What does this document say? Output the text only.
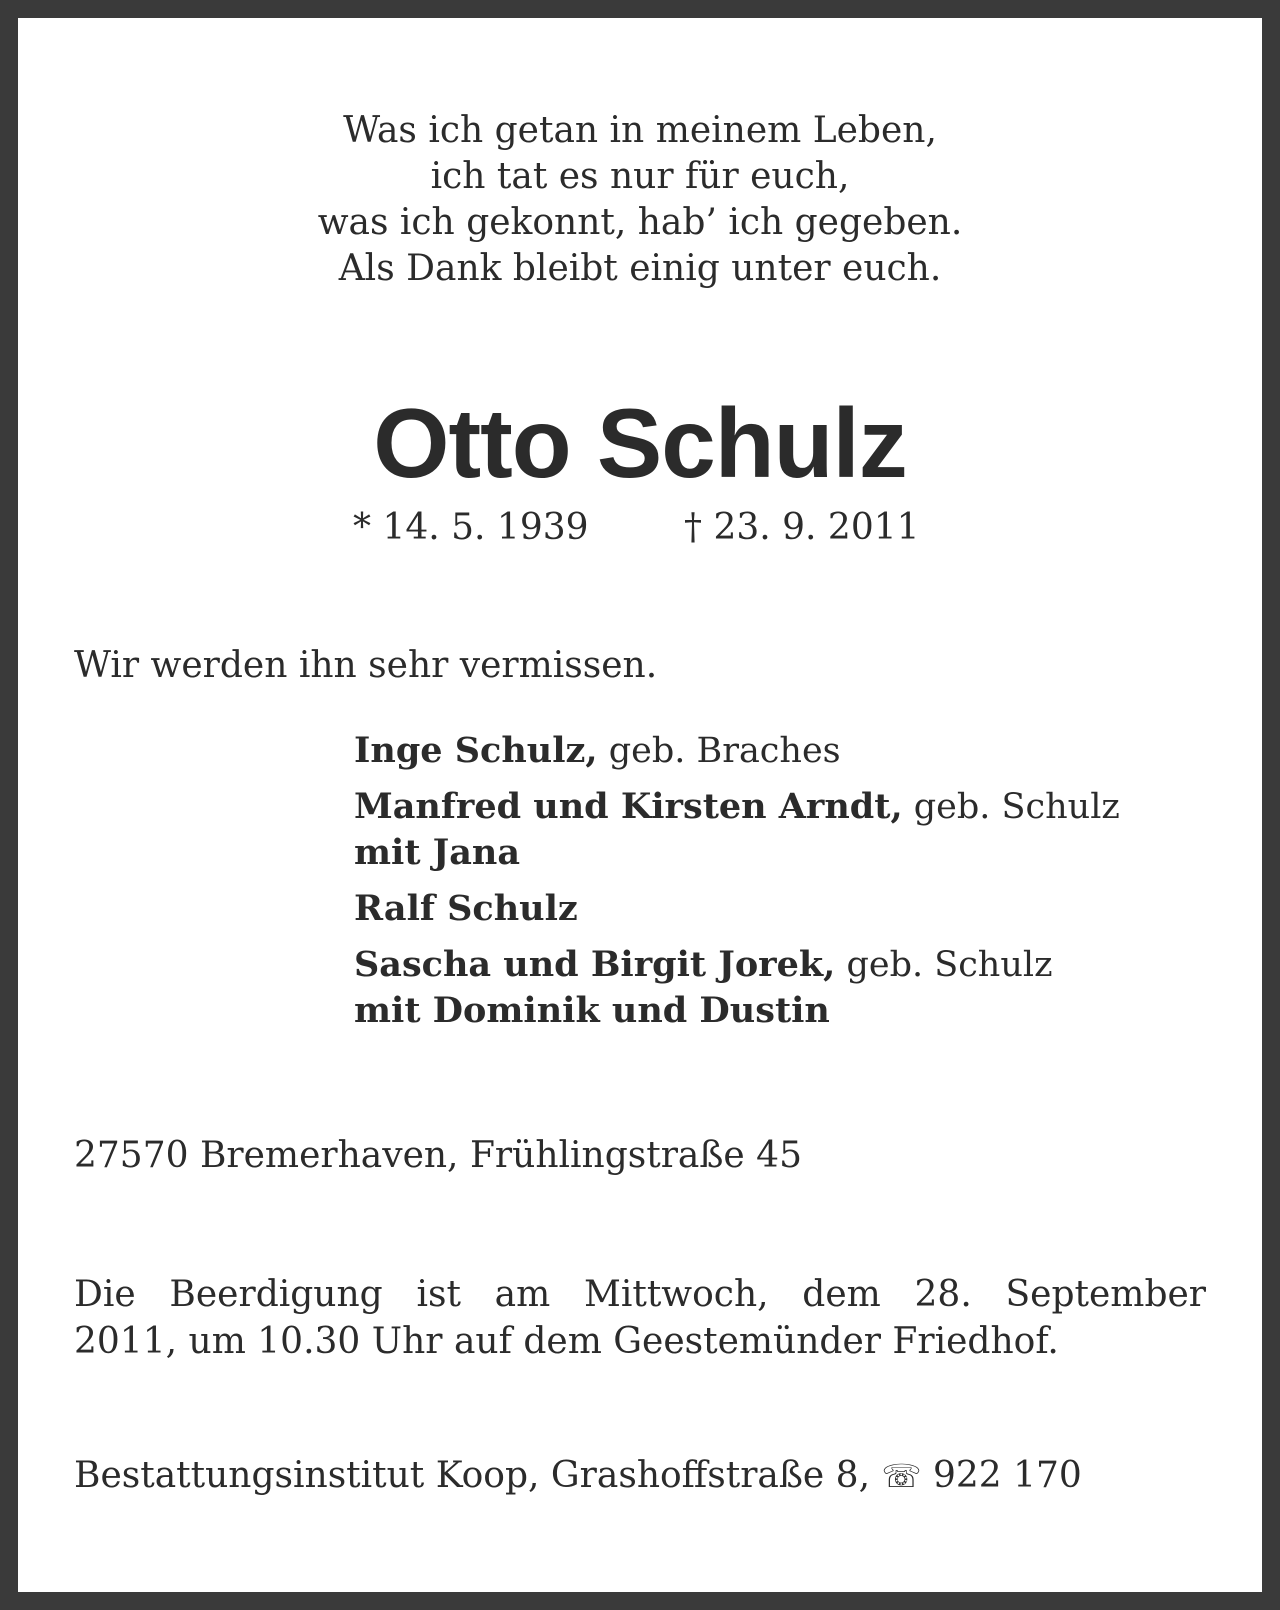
Was ich getan in meinem Leben,
ich tat es nur für euch,
was ich gekonnt, hab’ ich gegeben.
Als Dank bleibt einig unter euch.
Otto Schulz
* 14. 5. 1939	† 23. 9. 2011
Wir werden ihn sehr vermissen.
Inge Schulz, geb. Braches
Manfred und Kirsten Arndt, geb. Schulz
mit Jana
Ralf Schulz
Sascha und Birgit Jorek, geb. Schulz
mit Dominik und Dustin
27570 Bremerhaven, Frühlingstraße 45
Die Beerdigung ist am Mittwoch, dem 28. September
2011, um 10.30 Uhr auf dem Geestemünder Friedhof.
Bestattungsinstitut Koop, Grashoffstraße 8, ☏ 922 170
